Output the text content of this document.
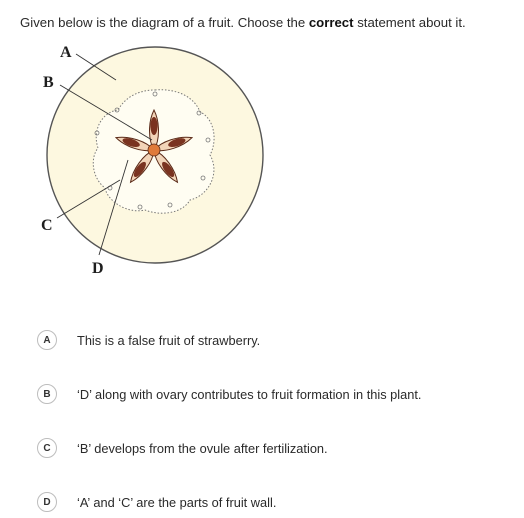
Given below is the diagram of a fruit. Choose the correct statement about it.
A
B
C
D
A	This is a false fruit of strawberry.
B	‘D’ along with ovary contributes to fruit formation in this plant.
C	‘B’ develops from the ovule after fertilization.
D	‘A’ and ‘C’ are the parts of fruit wall.
